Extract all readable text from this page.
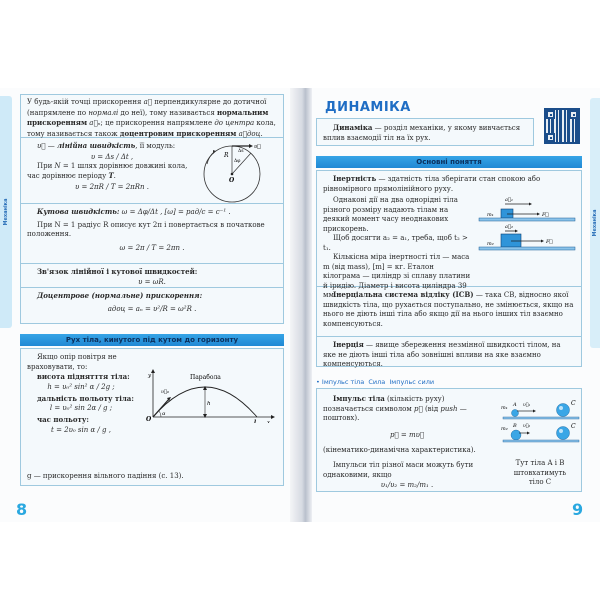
Механіка
У будь-якій точці прискорення a⃗ перпендикулярне до дотичної (напрямлене по нормалі до неї), тому називається нормальним прискоренням a⃗ₙ; це прискорення напрямлене до центра кола, тому називається також доцентровим прискоренням a⃗доц.
υ⃗ — лінійна швидкість, її модуль:
υ = Δs / Δt ,
При N = 1 шлях дорівнює довжині кола, час дорівнює періоду T.
υ = 2πR / T = 2πRn .
R
Δs
Δφ
O
υ⃗
Кутова швидкість: ω = Δφ/Δt , [ω] = рад/с = с⁻¹ .
При N = 1 радіус R описує кут 2π і повертається в початкове положення.
ω = 2π / T = 2πn .
Зв'язок лінійної і кутової швидкостей:
υ = ωR.
Доцентрове (нормальне) прискорення:
aдоц = aₙ = υ²/R = ω²R .
Рух тіла, кинутого під кутом до горизонту
Якщо опір повітря не враховувати, то:
висота піднятття тіла:
h = υ₀² sin² α / 2g ;
дальність польоту тіла:
l = υ₀² sin 2α / g ;
час польоту:
t = 2υ₀ sin α / g ,
g — прискорення вільного падіння (с. 13).
y
x
O
υ⃗₀
α
h
l
Парабола
8
Механіка
ДИНАМІКА
Динаміка — розділ механіки, у якому вивчається вплив взаємодії тіл на їх рух.
Основні поняття
Інертність — здатність тіла зберігати стан спокою або рівномірного прямолінійного руху.
Однакові дії на два однорідні тіла різного розміру надають тілам на деякий момент часу неоднакових прискорень.
Щоб досягти a₂ = a₁, треба, щоб t₂ > t₁.
Кількісна міра інертності тіл — маса m (від mass), [m] = кг. Еталон кілограма — циліндр зі сплаву платини й іридію. Діаметр і висота циліндра 39 мм.
a⃗₁
m₁	F⃗
a⃗₂
m₂	F⃗
Інерціальна система відліку (ІСВ) — така СВ, відносно якої швидкість тіла, що рухається поступально, не змінюється, якщо на нього не діють інші тіла або якщо дії на нього інших тіл взаємно компенсуються.
Інерція — явище збереження незмінної швидкості тілом, на яке не діють інші тіла або зовнішні впливи на яке взаємно компенсуються.
• Імпульс тіла Сила Імпульс сили
Імпульс тіла (кількість руху) позначається символом p⃗ (від push — поштовх).
p⃗ = mυ⃗
(кінематико-динамічна характеристика).
Імпульси тіл різної маси можуть бути однаковими, якщо
υ₁/υ₂ = m₂/m₁ .
m₁ A υ⃗₁	C
m₂ B υ⃗₂	C
Тут тіла A і B штовхатимуть тіло C
9
